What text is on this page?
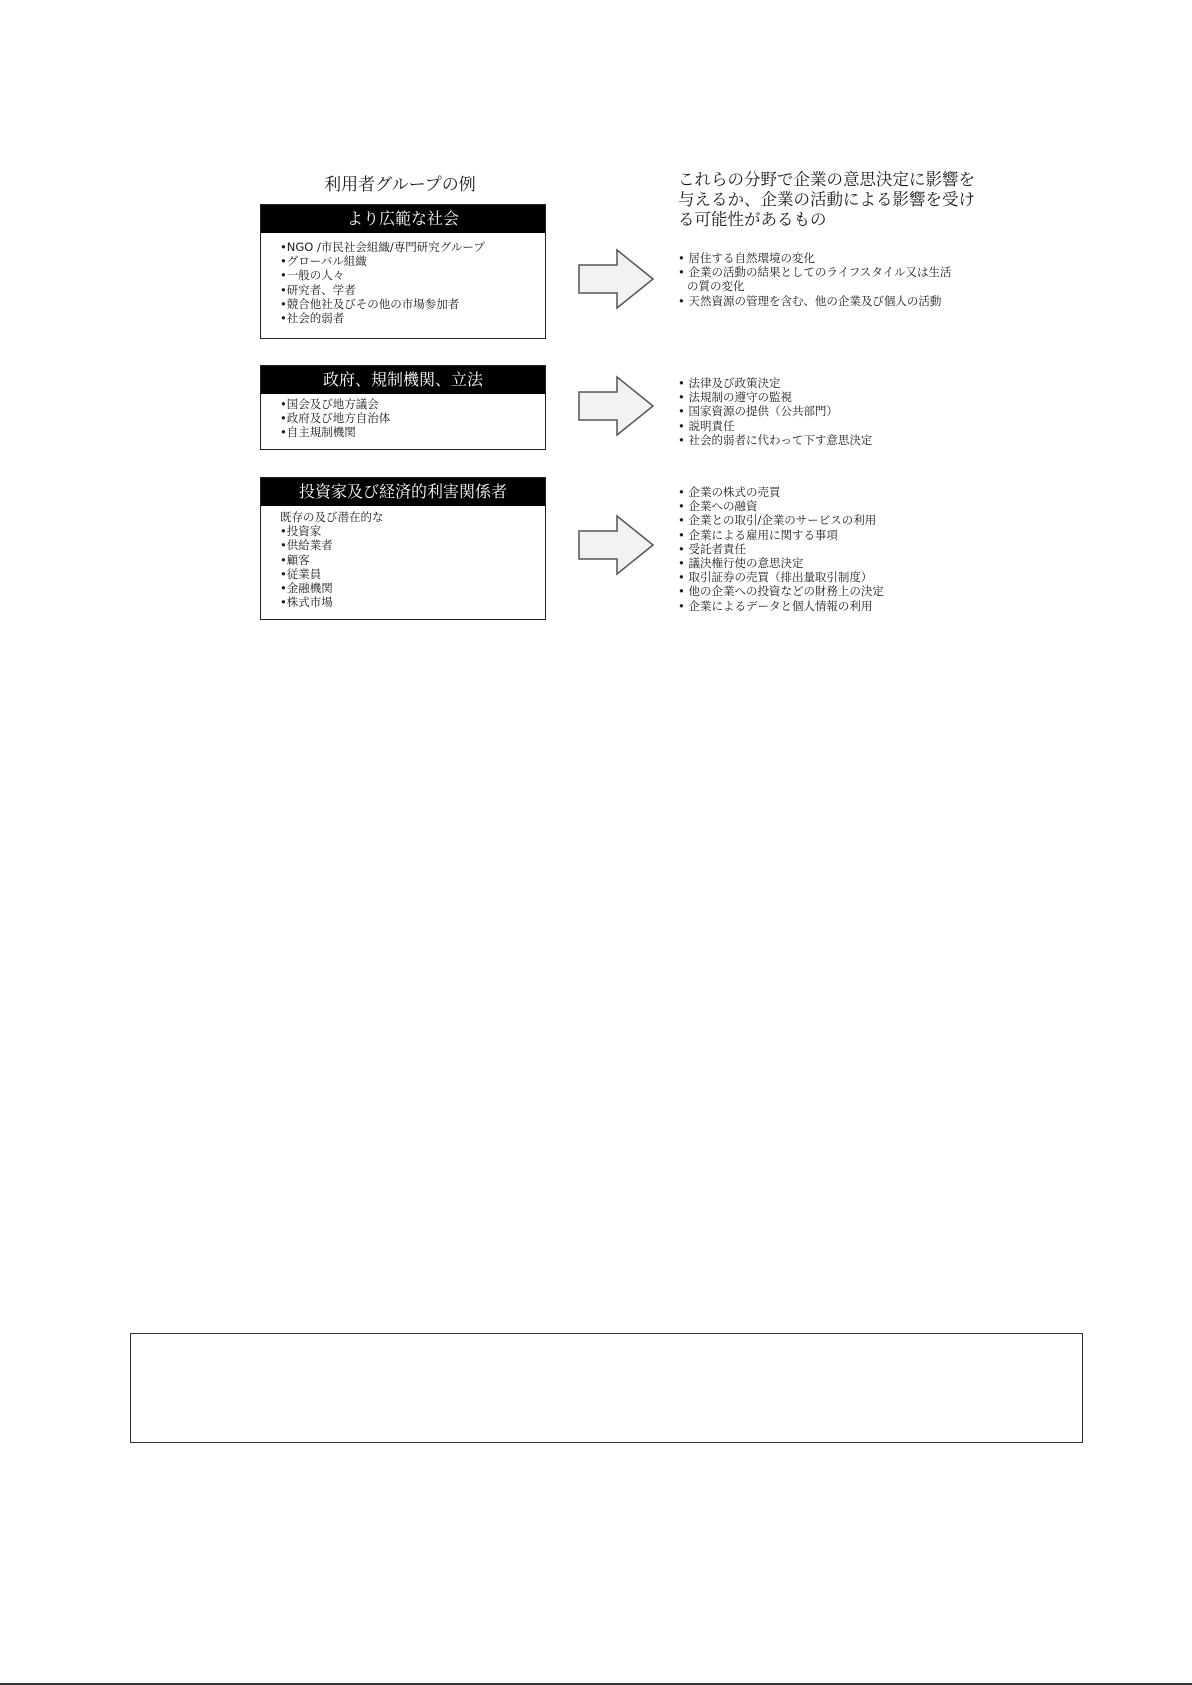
利用者グループの例	これらの分野で企業の意思決定に影響を与えるか、企業の活動による影響を受ける可能性があるもの
より広範な社会
•NGO /市民社会組織/専門研究グループ
•グローバル組織
•一般の人々
•研究者、学者
•競合他社及びその他の市場参加者
•社会的弱者
• 居住する自然環境の変化
• 企業の活動の結果としてのライフスタイル又は生活
の質の変化
• 天然資源の管理を含む、他の企業及び個人の活動
政府、規制機関、立法
•国会及び地方議会
•政府及び地方自治体
•自主規制機関
• 法律及び政策決定
• 法規制の遵守の監視
• 国家資源の提供（公共部門）
• 説明責任
• 社会的弱者に代わって下す意思決定
投資家及び経済的利害関係者
既存の及び潜在的な
•投資家
•供給業者
•顧客
•従業員
•金融機関
•株式市場
• 企業の株式の売買
• 企業への融資
• 企業との取引/企業のサービスの利用
• 企業による雇用に関する事項
• 受託者責任
• 議決権行使の意思決定
• 取引証券の売買（排出量取引制度）
• 他の企業への投資などの財務上の決定
• 企業によるデータと個人情報の利用
